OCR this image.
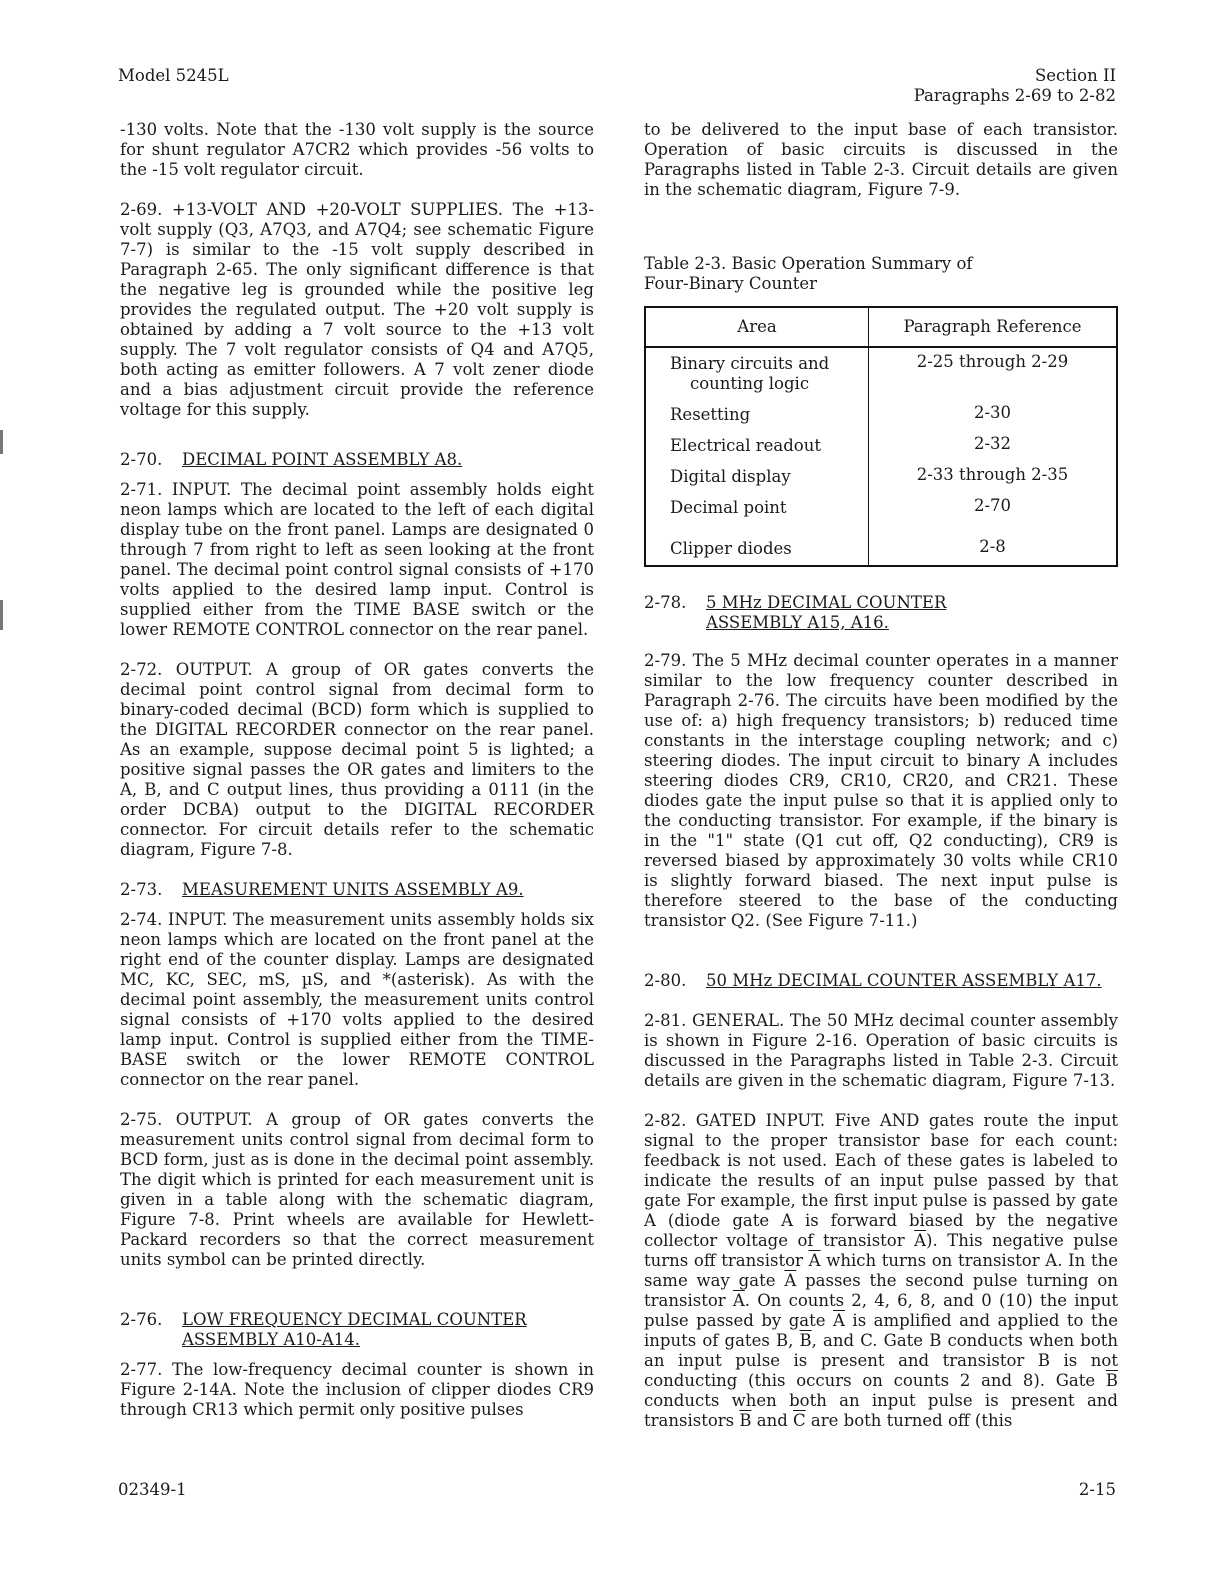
Model 5245L	Section II
Paragraphs 2-69 to 2-82

-130 volts. Note that the -130 volt supply is the source for shunt regulator A7CR2 which provides -56 volts to the -15 volt regulator circuit.

2-69. +13-VOLT AND +20-VOLT SUPPLIES. The +13-volt supply (Q3, A7Q3, and A7Q4; see schematic Figure 7-7) is similar to the -15 volt supply described in Paragraph 2-65. The only significant difference is that the negative leg is grounded while the positive leg provides the regulated output. The +20 volt supply is obtained by adding a 7 volt source to the +13 volt supply. The 7 volt regulator consists of Q4 and A7Q5, both acting as emitter followers. A 7 volt zener diode and a bias adjustment circuit provide the reference voltage for this supply.

2-70.	DECIMAL POINT ASSEMBLY A8.

2-71. INPUT. The decimal point assembly holds eight neon lamps which are located to the left of each digital display tube on the front panel. Lamps are designated 0 through 7 from right to left as seen looking at the front panel. The decimal point control signal consists of +170 volts applied to the desired lamp input. Control is supplied either from the TIME BASE switch or the lower REMOTE CONTROL connector on the rear panel.

2-72. OUTPUT. A group of OR gates converts the decimal point control signal from decimal form to binary-coded decimal (BCD) form which is supplied to the DIGITAL RECORDER connector on the rear panel. As an example, suppose decimal point 5 is lighted; a positive signal passes the OR gates and limiters to the A, B, and C output lines, thus providing a 0111 (in the order DCBA) output to the DIGITAL RECORDER connector. For circuit details refer to the schematic diagram, Figure 7-8.

2-73.	MEASUREMENT UNITS ASSEMBLY A9.

2-74. INPUT. The measurement units assembly holds six neon lamps which are located on the front panel at the right end of the counter display. Lamps are designated MC, KC, SEC, mS, µS, and *(asterisk). As with the decimal point assembly, the measurement units control signal consists of +170 volts applied to the desired lamp input. Control is supplied either from the TIME-BASE switch or the lower REMOTE CONTROL connector on the rear panel.

2-75. OUTPUT. A group of OR gates converts the measurement units control signal from decimal form to BCD form, just as is done in the decimal point assembly. The digit which is printed for each measurement unit is given in a table along with the schematic diagram, Figure 7-8. Print wheels are available for Hewlett-Packard recorders so that the correct measurement units symbol can be printed directly.

2-76.	LOW FREQUENCY DECIMAL COUNTER
ASSEMBLY A10-A14.

2-77. The low-frequency decimal counter is shown in Figure 2-14A. Note the inclusion of clipper diodes CR9 through CR13 which permit only positive pulses

to be delivered to the input base of each transistor. Operation of basic circuits is discussed in the Paragraphs listed in Table 2-3. Circuit details are given in the schematic diagram, Figure 7-9.

Table 2-3. Basic Operation Summary of

Four-Binary Counter

Area	Paragraph Reference
Binary circuits and
counting logic	2-25 through 2-29
Resetting	2-30
Electrical readout	2-32
Digital display	2-33 through 2-35
Decimal point	2-70
Clipper diodes	2-8
2-78.	5 MHz DECIMAL COUNTER
ASSEMBLY A15, A16.

2-79. The 5 MHz decimal counter operates in a manner similar to the low frequency counter described in Paragraph 2-76. The circuits have been modified by the use of: a) high frequency transistors; b) reduced time constants in the interstage coupling network; and c) steering diodes. The input circuit to binary A includes steering diodes CR9, CR10, CR20, and CR21. These diodes gate the input pulse so that it is applied only to the conducting transistor. For example, if the binary is in the "1" state (Q1 cut off, Q2 conducting), CR9 is reversed biased by approximately 30 volts while CR10 is slightly forward biased. The next input pulse is therefore steered to the base of the conducting transistor Q2. (See Figure 7-11.)

2-80.	50 MHz DECIMAL COUNTER ASSEMBLY A17.

2-81. GENERAL. The 50 MHz decimal counter assembly is shown in Figure 2-16. Operation of basic circuits is discussed in the Paragraphs listed in Table 2-3. Circuit details are given in the schematic diagram, Figure 7-13.

2-82. GATED INPUT. Five AND gates route the input signal to the proper transistor base for each count: feedback is not used. Each of these gates is labeled to indicate the results of an input pulse passed by that gate For example, the first input pulse is passed by gate A (diode gate A is forward biased by the negative collector voltage of transistor $\overline{A}$). This negative pulse turns off transistor $\overline{A}$ which turns on transistor A. In the same way gate $\overline{A}$ passes the second pulse turning on transistor $\overline{A}$. On counts 2, 4, 6, 8, and 0 (10) the input pulse passed by gate $\overline{A}$ is amplified and applied to the inputs of gates B, $\overline{B}$, and C. Gate B conducts when both an input pulse is present and transistor B is not conducting (this occurs on counts 2 and 8). Gate $\overline{B}$ conducts when both an input pulse is present and transistors $\overline{B}$ and $\overline{C}$ are both turned off (this

02349-1	2-15
